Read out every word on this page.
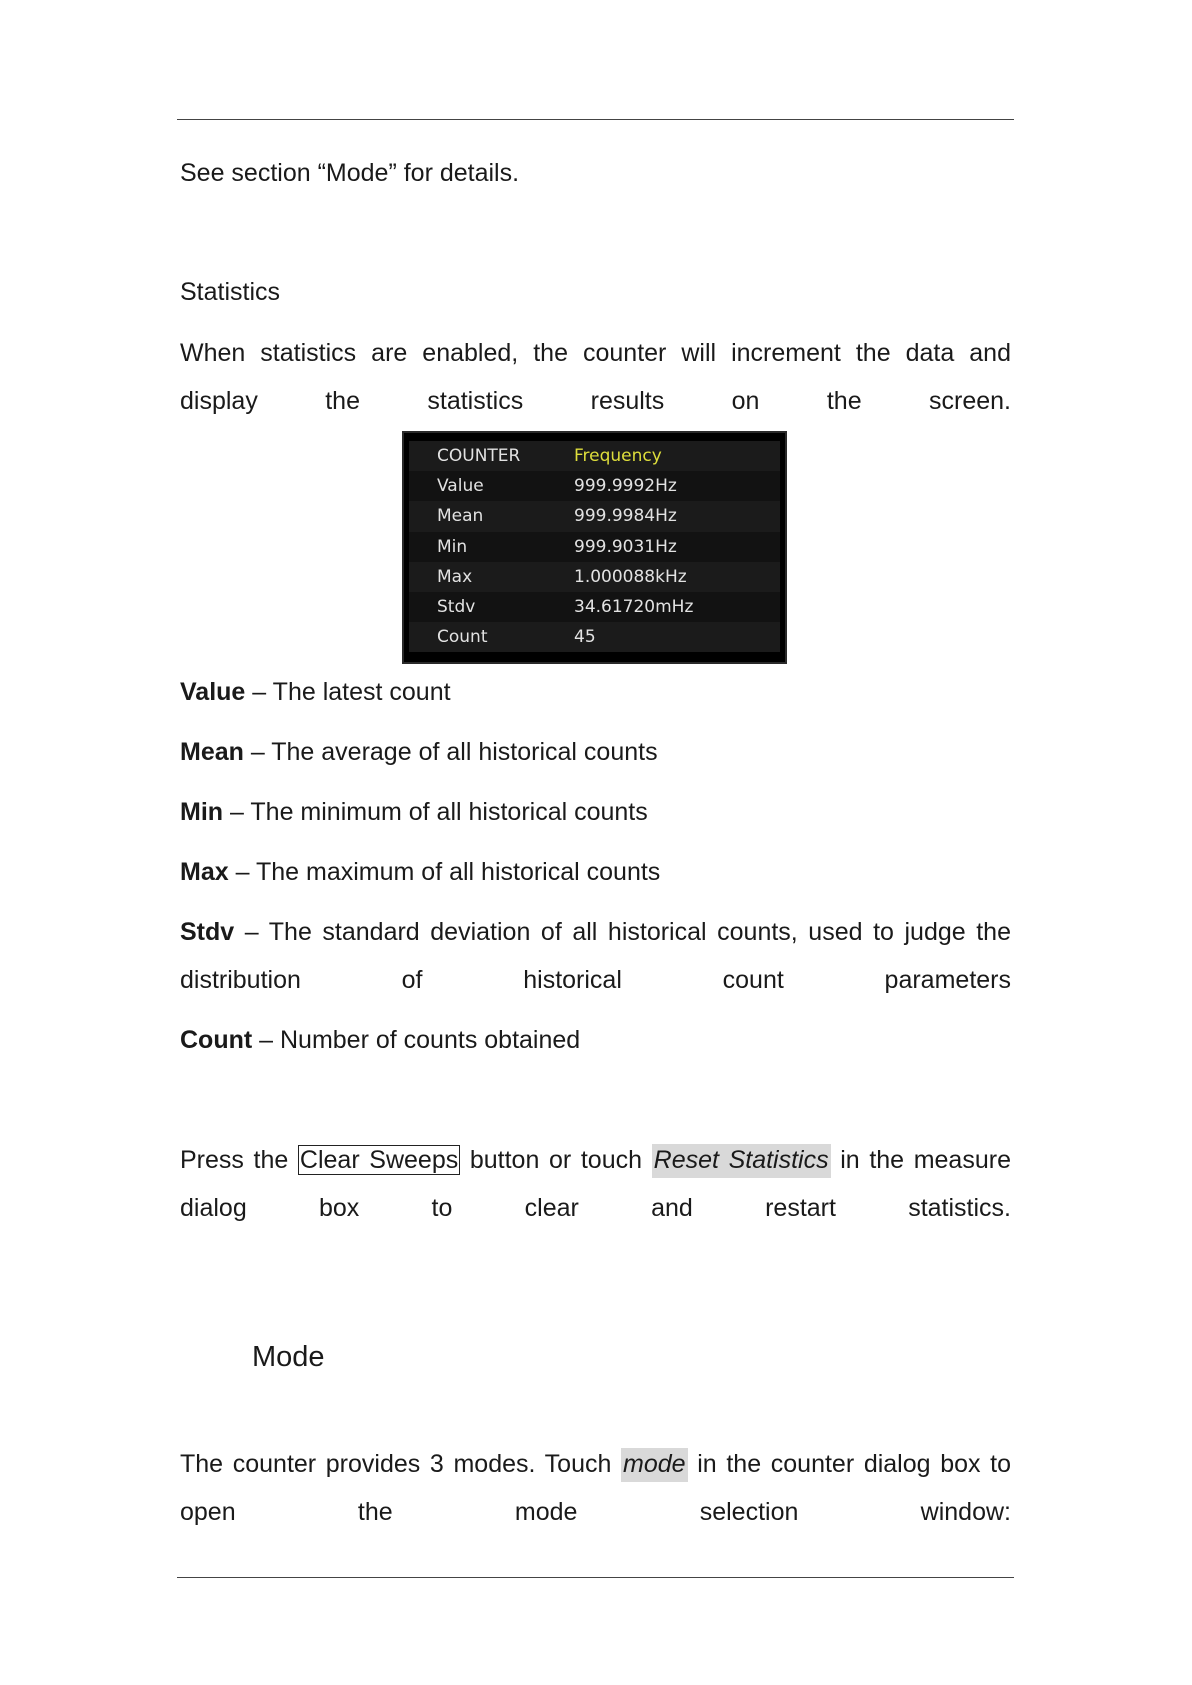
See section “Mode” for details.

Statistics

When statistics are enabled, the counter will increment the data and display the statistics results on the screen.

COUNTER	Frequency
Value	999.9992Hz
Mean	999.9984Hz
Min	999.9031Hz
Max	1.000088kHz
Stdv	34.61720mHz
Count	45

Value – The latest count

Mean – The average of all historical counts

Min – The minimum of all historical counts

Max – The maximum of all historical counts

Stdv – The standard deviation of all historical counts, used to judge the distribution of historical count parameters

Count – Number of counts obtained

Press the Clear Sweeps button or touch Reset Statistics in the measure dialog box to clear and restart statistics.

Mode

The counter provides 3 modes. Touch mode in the counter dialog box to open the mode selection window:
